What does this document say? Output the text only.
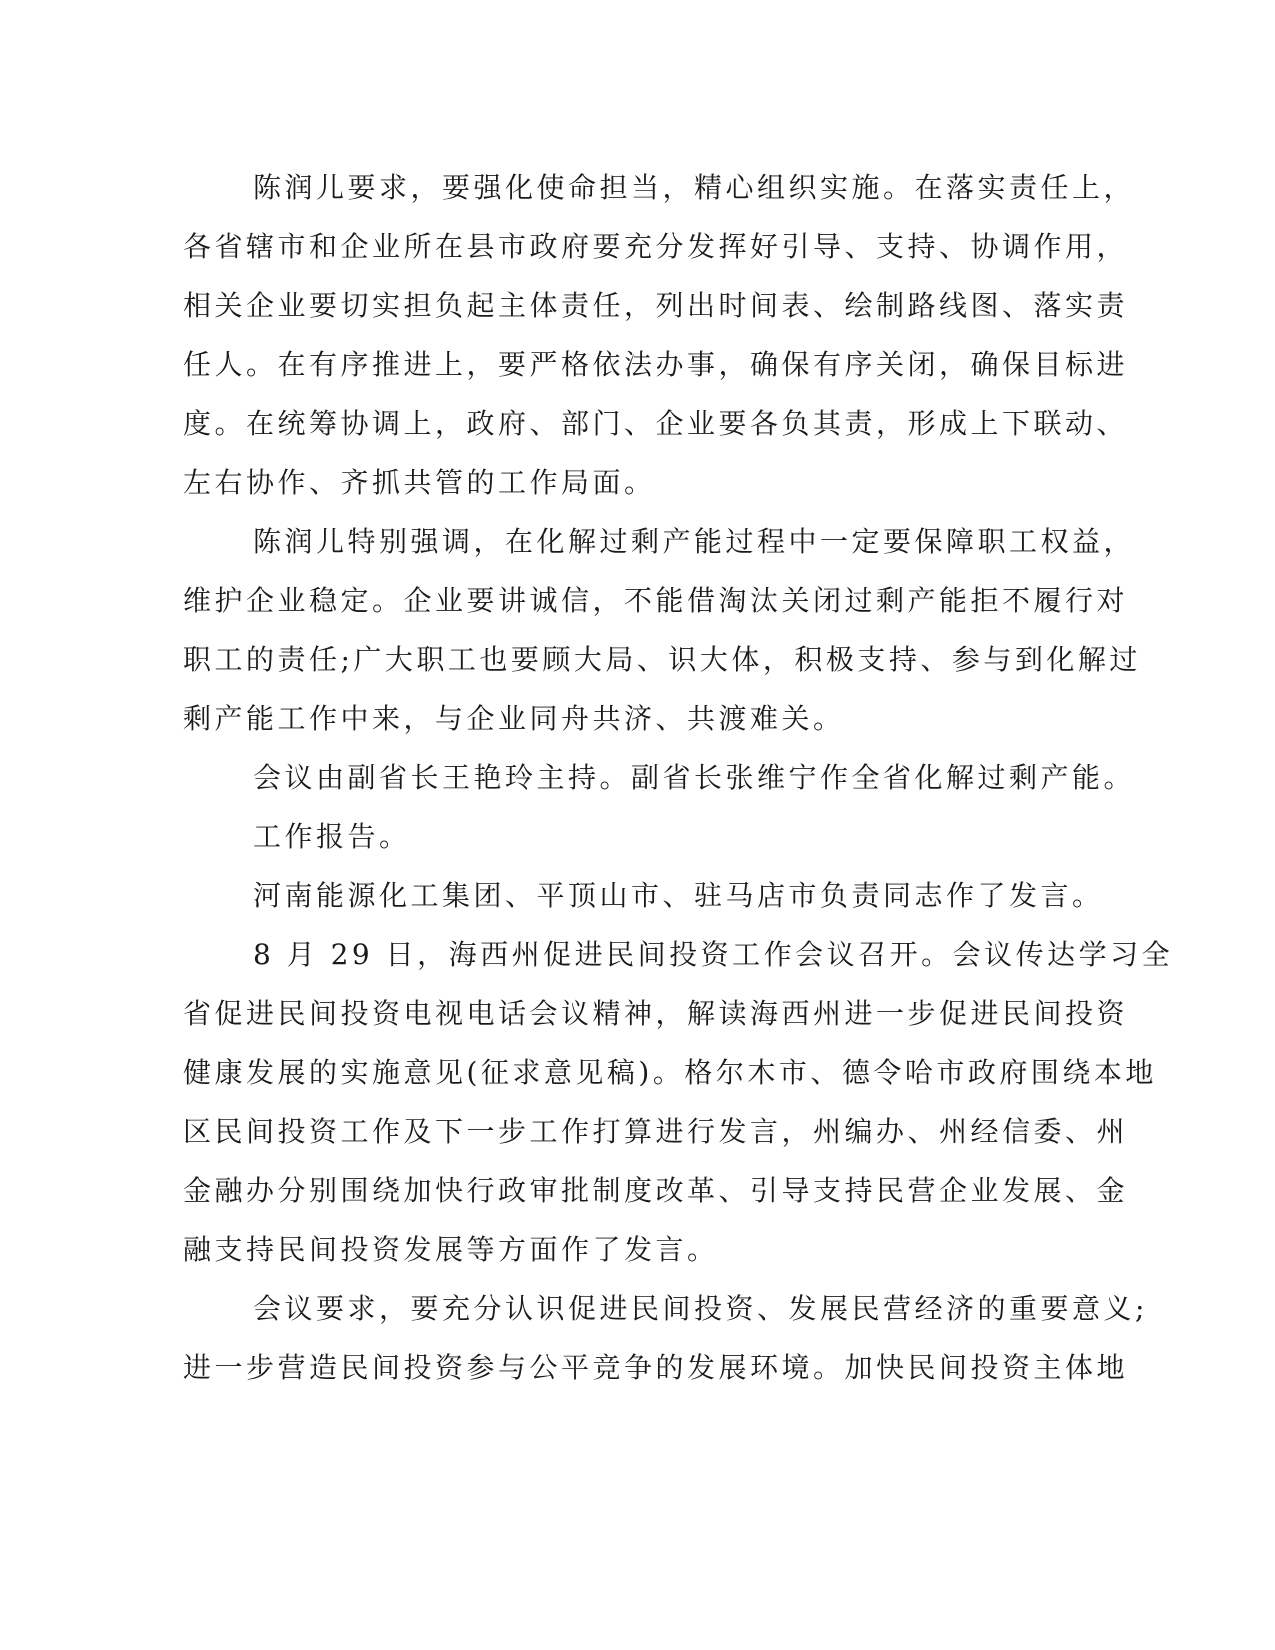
陈润儿要求，要强化使命担当，精心组织实施。在落实责任上，
各省辖市和企业所在县市政府要充分发挥好引导、支持、协调作用，
相关企业要切实担负起主体责任，列出时间表、绘制路线图、落实责
任人。在有序推进上，要严格依法办事，确保有序关闭，确保目标进
度。在统筹协调上，政府、部门、企业要各负其责，形成上下联动、
左右协作、齐抓共管的工作局面。
陈润儿特别强调，在化解过剩产能过程中一定要保障职工权益，
维护企业稳定。企业要讲诚信，不能借淘汰关闭过剩产能拒不履行对
职工的责任;广大职工也要顾大局、识大体，积极支持、参与到化解过
剩产能工作中来，与企业同舟共济、共渡难关。
会议由副省长王艳玲主持。副省长张维宁作全省化解过剩产能。
工作报告。
河南能源化工集团、平顶山市、驻马店市负责同志作了发言。
8 月 29 日，海西州促进民间投资工作会议召开。会议传达学习全
省促进民间投资电视电话会议精神，解读海西州进一步促进民间投资
健康发展的实施意见(征求意见稿)。格尔木市、德令哈市政府围绕本地
区民间投资工作及下一步工作打算进行发言，州编办、州经信委、州
金融办分别围绕加快行政审批制度改革、引导支持民营企业发展、金
融支持民间投资发展等方面作了发言。
会议要求，要充分认识促进民间投资、发展民营经济的重要意义;
进一步营造民间投资参与公平竞争的发展环境。加快民间投资主体地
